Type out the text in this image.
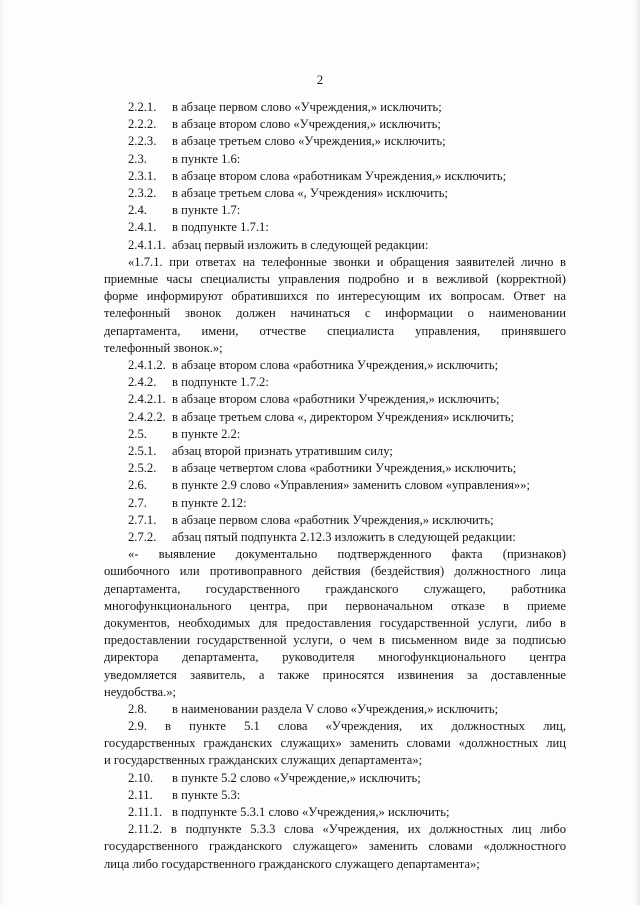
2
2.2.1. в абзаце первом слово «Учреждения,» исключить;
2.2.2. в абзаце втором слово «Учреждения,» исключить;
2.2.3. в абзаце третьем слово «Учреждения,» исключить;
2.3. в пункте 1.6:
2.3.1. в абзаце втором слова «работникам Учреждения,» исключить;
2.3.2. в абзаце третьем слова «, Учреждения» исключить;
2.4. в пункте 1.7:
2.4.1. в подпункте 1.7.1:
2.4.1.1. абзац первый изложить в следующей редакции:
«1.7.1. при ответах на телефонные звонки и обращения заявителей лично в
приемные часы специалисты управления подробно и в вежливой (корректной)
форме информируют обратившихся по интересующим их вопросам. Ответ на
телефонный звонок должен начинаться с информации о наименовании
департамента, имени, отчестве специалиста управления, принявшего
телефонный звонок.»;
2.4.1.2. в абзаце втором слова «работника Учреждения,» исключить;
2.4.2. в подпункте 1.7.2:
2.4.2.1. в абзаце втором слова «работники Учреждения,» исключить;
2.4.2.2. в абзаце третьем слова «, директором Учреждения» исключить;
2.5. в пункте 2.2:
2.5.1. абзац второй признать утратившим силу;
2.5.2. в абзаце четвертом слова «работники Учреждения,» исключить;
2.6. в пункте 2.9 слово «Управления» заменить словом «управления»»;
2.7. в пункте 2.12:
2.7.1. в абзаце первом слова «работник Учреждения,» исключить;
2.7.2. абзац пятый подпункта 2.12.3 изложить в следующей редакции:
«- выявление документально подтвержденного факта (признаков)
ошибочного или противоправного действия (бездействия) должностного лица
департамента, государственного гражданского служащего, работника
многофункционального центра, при первоначальном отказе в приеме
документов, необходимых для предоставления государственной услуги, либо в
предоставлении государственной услуги, о чем в письменном виде за подписью
директора департамента, руководителя многофункционального центра
уведомляется заявитель, а также приносятся извинения за доставленные
неудобства.»;
2.8. в наименовании раздела V слово «Учреждения,» исключить;
2.9. в пункте 5.1 слова «Учреждения, их должностных лиц,
государственных гражданских служащих» заменить словами «должностных лиц
и государственных гражданских служащих департамента»;
2.10. в пункте 5.2 слово «Учреждение,» исключить;
2.11. в пункте 5.3:
2.11.1. в подпункте 5.3.1 слово «Учреждения,» исключить;
2.11.2. в подпункте 5.3.3 слова «Учреждения, их должностных лиц либо
государственного гражданского служащего» заменить словами «должностного
лица либо государственного гражданского служащего департамента»;
